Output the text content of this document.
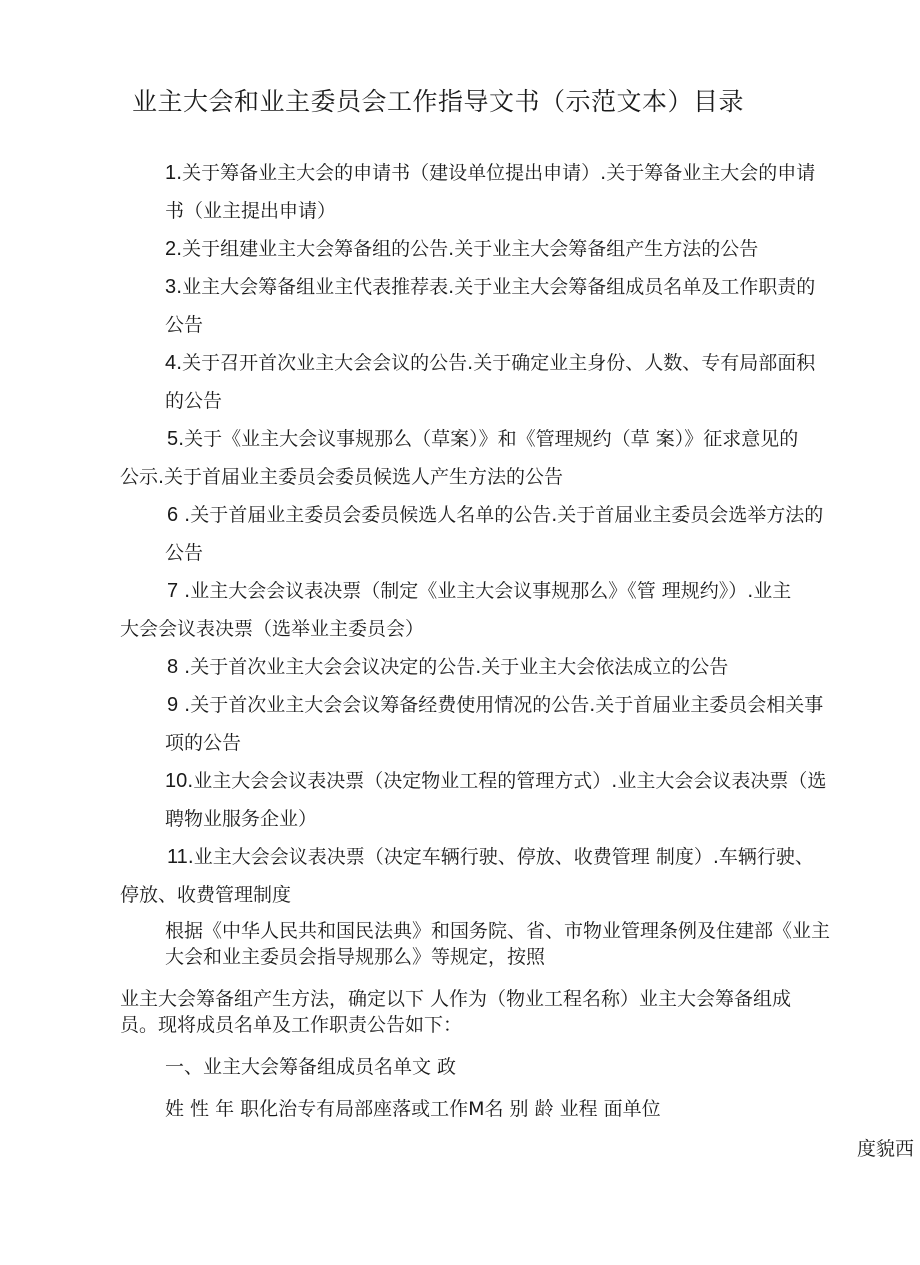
业主大会和业主委员会工作指导文书（示范文本）目录
1.关于筹备业主大会的申请书（建设单位提出申请）.关于筹备业主大会的申请
书（业主提出申请）
2.关于组建业主大会筹备组的公告.关于业主大会筹备组产生方法的公告
3.业主大会筹备组业主代表推荐表.关于业主大会筹备组成员名单及工作职责的
公告
4.关于召开首次业主大会会议的公告.关于确定业主身份、人数、专有局部面积
的公告
5.关于《业主大会议事规那么（草案）》和《管理规约（草 案）》征求意见的
公示.关于首届业主委员会委员候选人产生方法的公告
6 .关于首届业主委员会委员候选人名单的公告.关于首届业主委员会选举方法的
公告
7 .业主大会会议表决票（制定《业主大会议事规那么》《管 理规约》）.业主
大会会议表决票（选举业主委员会）
8 .关于首次业主大会会议决定的公告.关于业主大会依法成立的公告
9 .关于首次业主大会会议筹备经费使用情况的公告.关于首届业主委员会相关事
项的公告
10.业主大会会议表决票（决定物业工程的管理方式）.业主大会会议表决票（选
聘物业服务企业）
11.业主大会会议表决票（决定车辆行驶、停放、收费管理 制度）.车辆行驶、
停放、收费管理制度
根据《中华人民共和国民法典》和国务院、省、市物业管理条例及住建部《业主
大会和业主委员会指导规那么》等规定，按照
业主大会筹备组产生方法，确定以下 人作为（物业工程名称）业主大会筹备组成
员。现将成员名单及工作职责公告如下：
一、业主大会筹备组成员名单文 政
姓 性 年 职化治专有局部座落或工作M名 别 龄 业程 面单位
度貌西
